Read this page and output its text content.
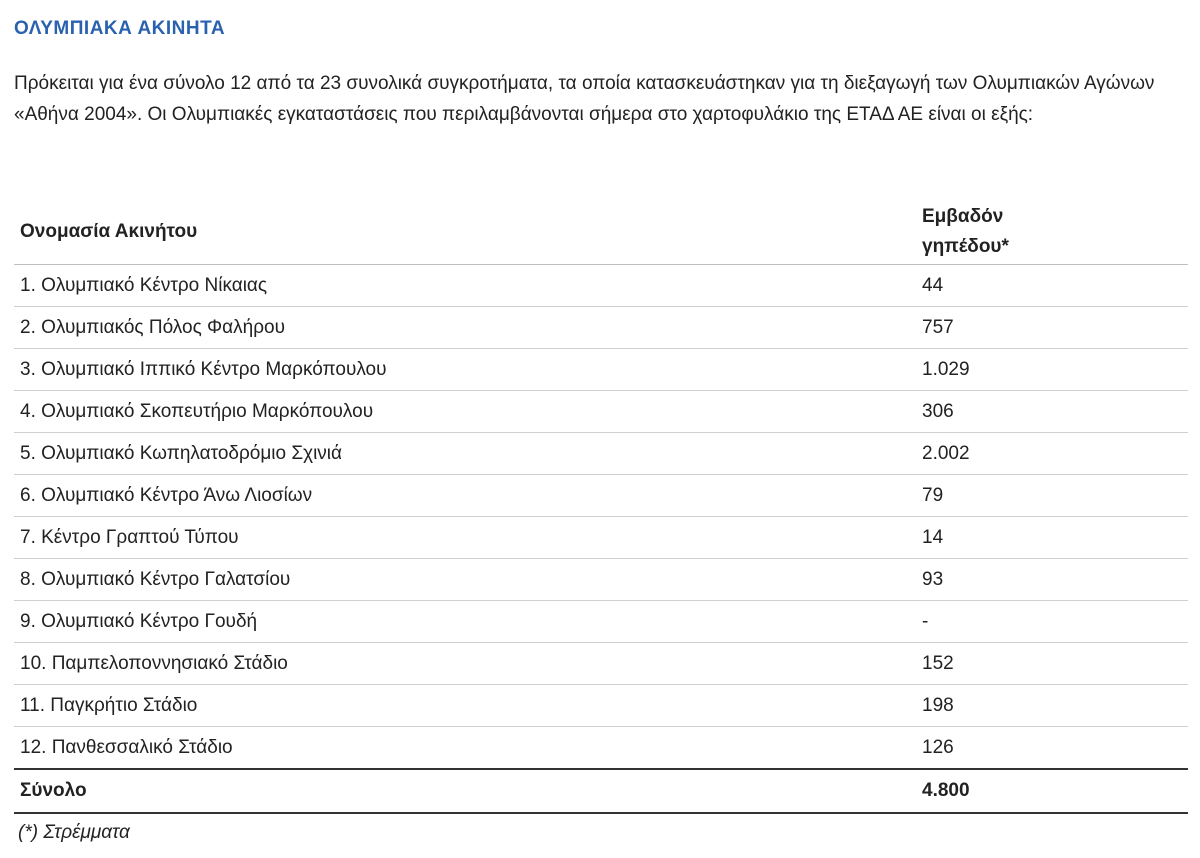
ΟΛΥΜΠΙΑΚΑ ΑΚΙΝΗΤΑ
Πρόκειται για ένα σύνολο 12 από τα 23 συνολικά συγκροτήματα, τα οποία κατασκευάστηκαν για τη διεξαγωγή των Ολυμπιακών Αγώνων «Αθήνα 2004». Οι Ολυμπιακές εγκαταστάσεις που περιλαμβάνονται σήμερα στο χαρτοφυλάκιο της ΕΤΑΔ ΑΕ είναι οι εξής:
Ονομασία Ακινήτου	Εμβαδόν
γηπέδου*
1. Ολυμπιακό Κέντρο Νίκαιας	44
2. Ολυμπιακός Πόλος Φαλήρου	757
3. Ολυμπιακό Ιππικό Κέντρο Μαρκόπουλου	1.029
4. Ολυμπιακό Σκοπευτήριο Μαρκόπουλου	306
5. Ολυμπιακό Κωπηλατοδρόμιο Σχινιά	2.002
6. Ολυμπιακό Κέντρο Άνω Λιοσίων	79
7. Κέντρο Γραπτού Τύπου	14
8. Ολυμπιακό Κέντρο Γαλατσίου	93
9. Ολυμπιακό Κέντρο Γουδή	-
10. Παμπελοποννησιακό Στάδιο	152
11. Παγκρήτιο Στάδιο	198
12. Πανθεσσαλικό Στάδιο	126
Σύνολο	4.800
(*) Στρέμματα
